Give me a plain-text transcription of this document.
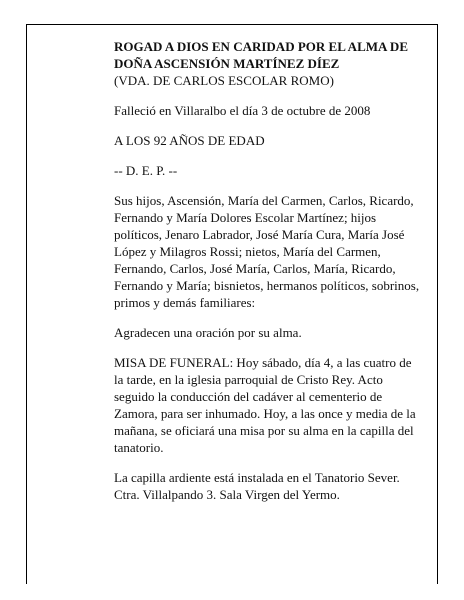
ROGAD A DIOS EN CARIDAD POR EL ALMA DE
DOÑA ASCENSIÓN MARTÍNEZ DÍEZ
(VDA. DE CARLOS ESCOLAR ROMO)

Falleció en Villaralbo el día 3 de octubre de 2008

A LOS 92 AÑOS DE EDAD

-- D. E. P. --

Sus hijos, Ascensión, María del Carmen, Carlos, Ricardo, Fernando y María Dolores Escolar Martínez; hijos políticos, Jenaro Labrador, José María Cura, María José López y Milagros Rossi; nietos, María del Carmen, Fernando, Carlos, José María, Carlos, María, Ricardo, Fernando y María; bisnietos, hermanos políticos, sobrinos, primos y demás familiares:

Agradecen una oración por su alma.

MISA DE FUNERAL: Hoy sábado, día 4, a las cuatro de la tarde, en la iglesia parroquial de Cristo Rey. Acto seguido la conducción del cadáver al cementerio de Zamora, para ser inhumado. Hoy, a las once y media de la mañana, se oficiará una misa por su alma en la capilla del tanatorio.

La capilla ardiente está instalada en el Tanatorio Sever. Ctra. Villalpando 3. Sala Virgen del Yermo.
